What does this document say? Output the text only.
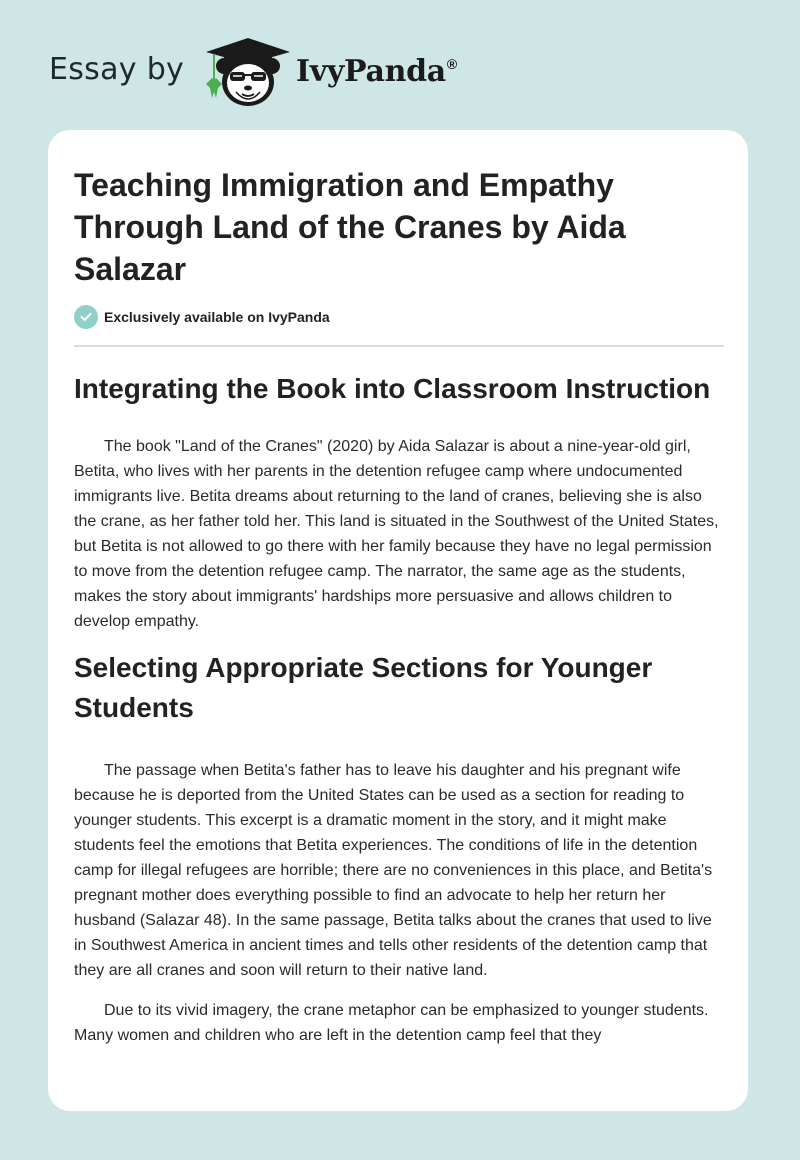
Essay by	IvyPanda®
Teaching Immigration and Empathy Through Land of the Cranes by Aida Salazar
Exclusively available on IvyPanda
Integrating the Book into Classroom Instruction

The book "Land of the Cranes" (2020) by Aida Salazar is about a nine-year-old girl, Betita, who lives with her parents in the detention refugee camp where undocumented immigrants live. Betita dreams about returning to the land of cranes, believing she is also the crane, as her father told her. This land is situated in the Southwest of the United States, but Betita is not allowed to go there with her family because they have no legal permission to move from the detention refugee camp. The narrator, the same age as the students, makes the story about immigrants' hardships more persuasive and allows children to develop empathy.

Selecting Appropriate Sections for Younger Students

The passage when Betita's father has to leave his daughter and his pregnant wife because he is deported from the United States can be used as a section for reading to younger students. This excerpt is a dramatic moment in the story, and it might make students feel the emotions that Betita experiences. The conditions of life in the detention camp for illegal refugees are horrible; there are no conveniences in this place, and Betita's pregnant mother does everything possible to find an advocate to help her return her husband (Salazar 48). In the same passage, Betita talks about the cranes that used to live in Southwest America in ancient times and tells other residents of the detention camp that they are all cranes and soon will return to their native land.

Due to its vivid imagery, the crane metaphor can be emphasized to younger students. Many women and children who are left in the detention camp feel that they
